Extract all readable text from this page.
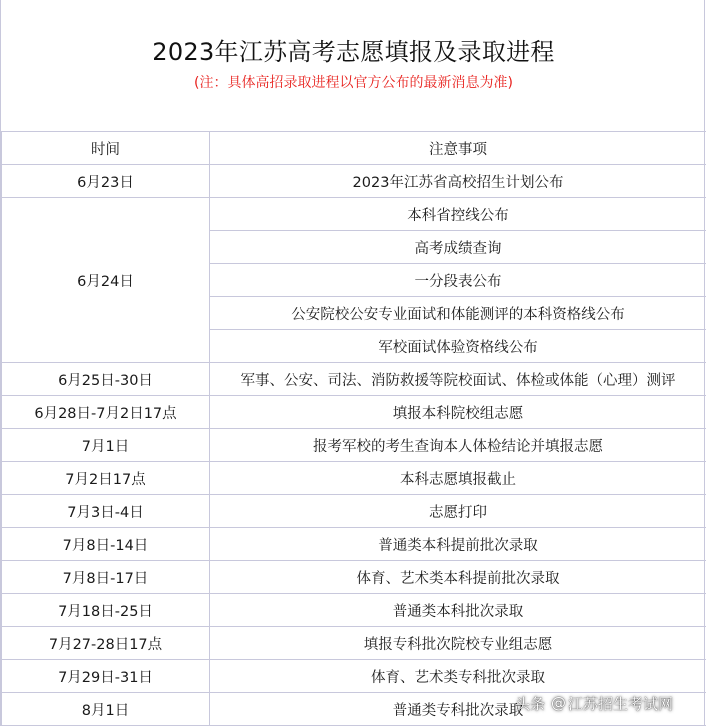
2023年江苏高考志愿填报及录取进程
(注：具体高招录取进程以官方公布的最新消息为准)
时间	注意事项
6月23日	2023年江苏省高校招生计划公布
6月24日	本科省控线公布
	高考成绩查询
	一分段表公布
	公安院校公安专业面试和体能测评的本科资格线公布
	军校面试体验资格线公布
6月25日-30日	军事、公安、司法、消防救援等院校面试、体检或体能（心理）测评
6月28日-7月2日17点	填报本科院校组志愿
7月1日	报考军校的考生查询本人体检结论并填报志愿
7月2日17点	本科志愿填报截止
7月3日-4日	志愿打印
7月8日-14日	普通类本科提前批次录取
7月8日-17日	体育、艺术类本科提前批次录取
7月18日-25日	普通类本科批次录取
7月27-28日17点	填报专科批次院校专业组志愿
7月29日-31日	体育、艺术类专科批次录取
8月1日	普通类专科批次录取
头条 @ 江苏招生考试网
